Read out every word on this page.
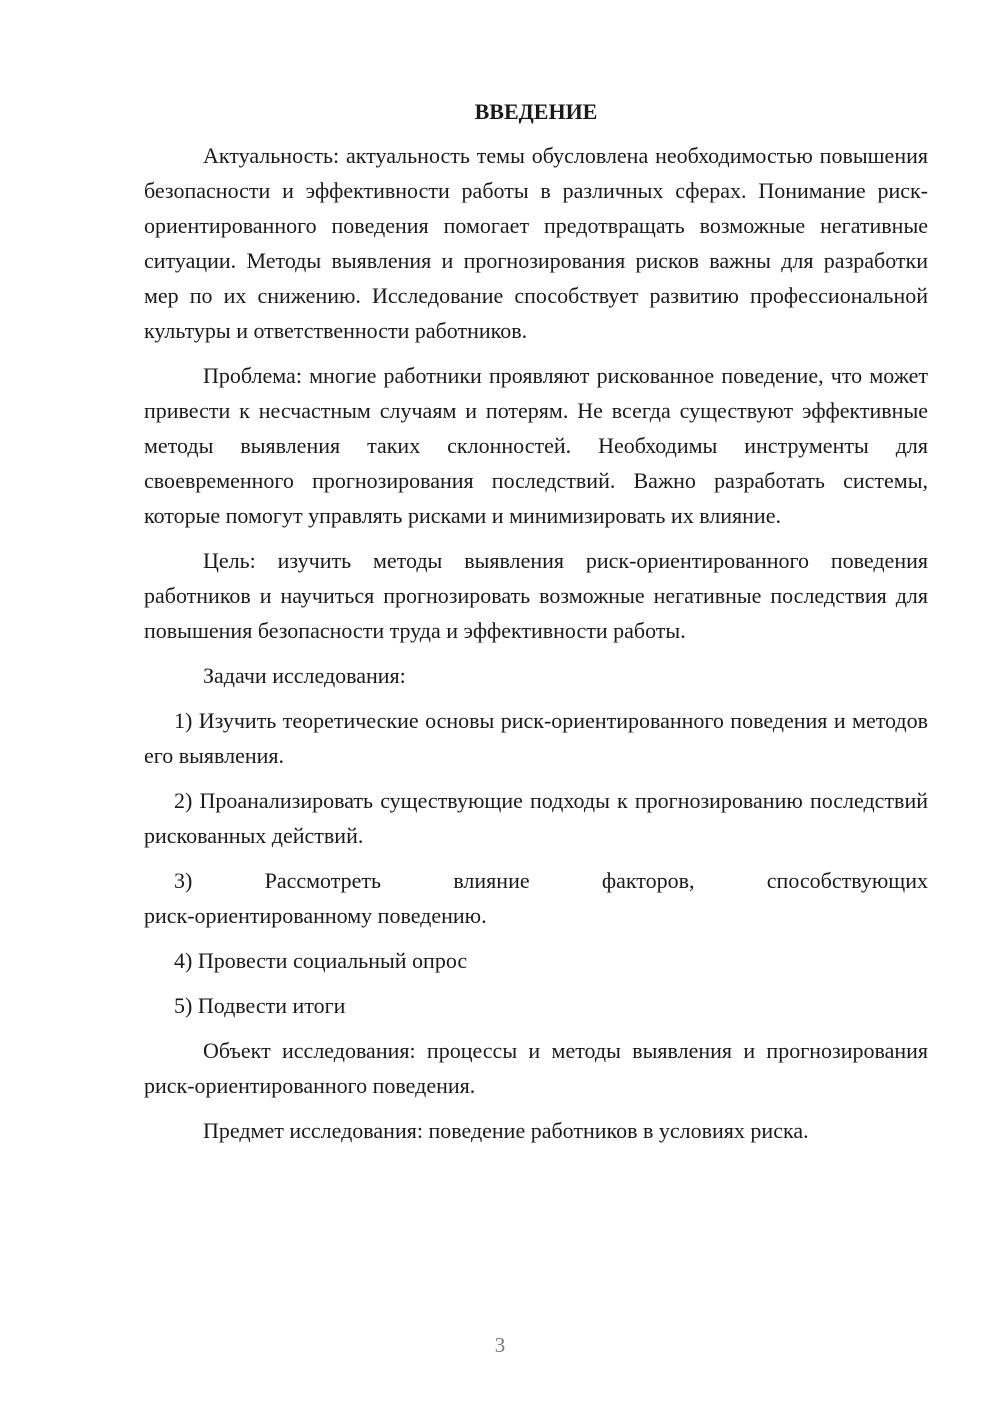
ВВЕДЕНИЕ

Актуальность: актуальность темы обусловлена необходимостью повышения безопасности и эффективности работы в различных сферах. Понимание риск-ориентированного поведения помогает предотвращать возможные негативные ситуации. Методы выявления и прогнозирования рисков важны для разработки мер по их снижению. Исследование способствует развитию профессиональной культуры и ответственности работников.

Проблема: многие работники проявляют рискованное поведение, что может привести к несчастным случаям и потерям. Не всегда существуют эффективные методы выявления таких склонностей. Необходимы инструменты для своевременного прогнозирования последствий. Важно разработать системы, которые помогут управлять рисками и минимизировать их влияние.

Цель: изучить методы выявления риск-ориентированного поведения работников и научиться прогнозировать возможные негативные последствия для повышения безопасности труда и эффективности работы.

Задачи исследования:

1) Изучить теоретические основы риск-ориентированного поведения и методов его выявления.

2) Проанализировать существующие подходы к прогнозированию последствий рискованных действий.

3) Рассмотреть влияние факторов, способствующих
риск-ориентированному поведению.

4) Провести социальный опрос

5) Подвести итоги

Объект исследования: процессы и методы выявления и прогнозирования риск-ориентированного поведения.

Предмет исследования: поведение работников в условиях риска.

3
